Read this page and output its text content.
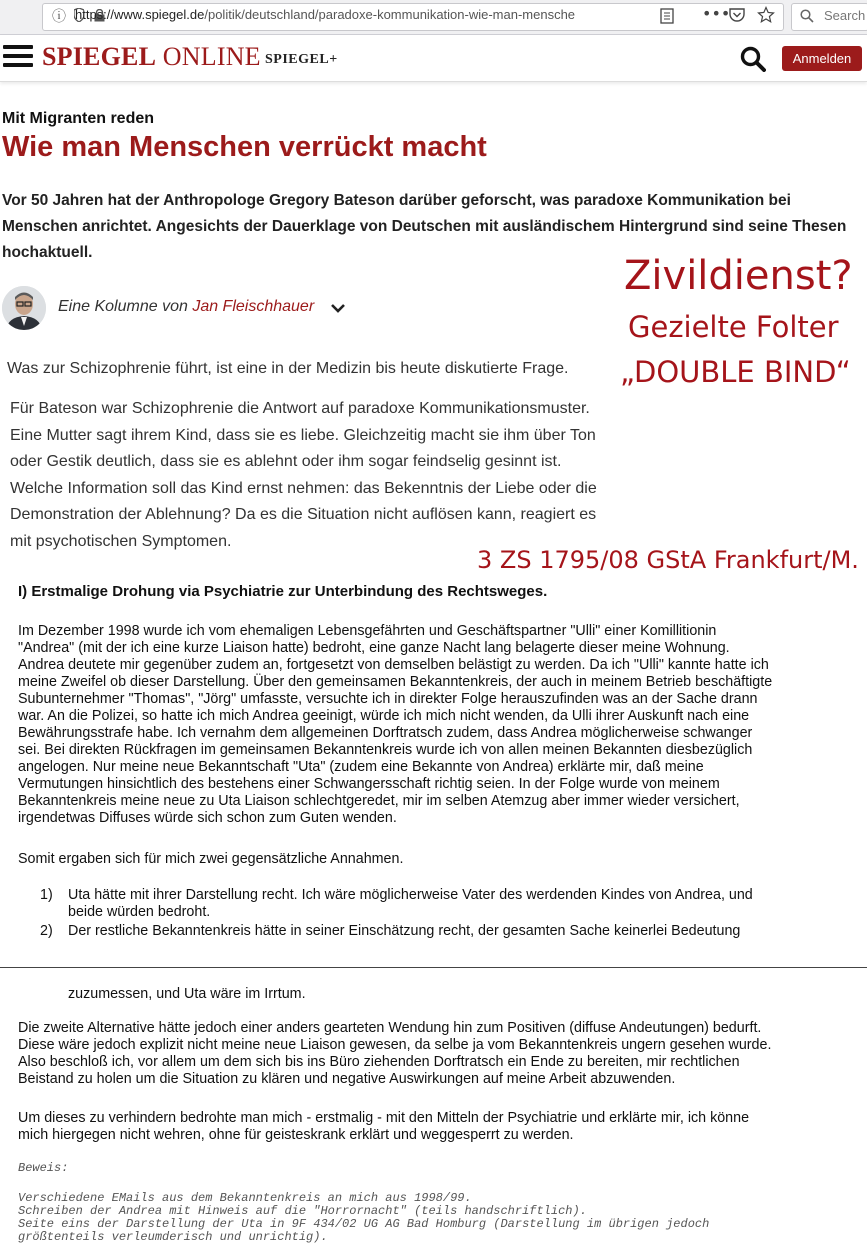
ⓘ https://www.spiegel.de/politik/deutschland/paradoxe-kommunikation-wie-man-mensche	•••	Search
SPIEGEL ONLINE SPIEGEL+	Anmelden
Mit Migranten reden
Wie man Menschen verrückt macht
Vor 50 Jahren hat der Anthropologe Gregory Bateson darüber geforscht, was paradoxe Kommunikation bei Menschen anrichtet. Angesichts der Dauerklage von Deutschen mit ausländischem Hintergrund sind seine Thesen hochaktuell.
Eine Kolumne von Jan Fleischhauer
Was zur Schizophrenie führt, ist eine in der Medizin bis heute diskutierte Frage.
Für Bateson war Schizophrenie die Antwort auf paradoxe Kommunikationsmuster.
Eine Mutter sagt ihrem Kind, dass sie es liebe. Gleichzeitig macht sie ihm über Ton
oder Gestik deutlich, dass sie es ablehnt oder ihm sogar feindselig gesinnt ist.
Welche Information soll das Kind ernst nehmen: das Bekenntnis der Liebe oder die
Demonstration der Ablehnung? Da es die Situation nicht auflösen kann, reagiert es
mit psychotischen Symptomen.
Zivildienst?
Gezielte Folter
„DOUBLE BIND“
3 ZS 1795/08 GStA Frankfurt/M.
I) Erstmalige Drohung via Psychiatrie zur Unterbindung des Rechtsweges.
Im Dezember 1998 wurde ich vom ehemaligen Lebensgefährten und Geschäftspartner "Ulli" einer Komillitionin
"Andrea" (mit der ich eine kurze Liaison hatte) bedroht, eine ganze Nacht lang belagerte dieser meine Wohnung.
Andrea deutete mir gegenüber zudem an, fortgesetzt von demselben belästigt zu werden. Da ich "Ulli" kannte hatte ich
meine Zweifel ob dieser Darstellung. Über den gemeinsamen Bekanntenkreis, der auch in meinem Betrieb beschäftigte
Subunternehmer "Thomas", "Jörg" umfasste, versuchte ich in direkter Folge herauszufinden was an der Sache drann
war. An die Polizei, so hatte ich mich Andrea geeinigt, würde ich mich nicht wenden, da Ulli ihrer Auskunft nach eine
Bewährungsstrafe habe. Ich vernahm dem allgemeinen Dorftratsch zudem, dass Andrea möglicherweise schwanger
sei. Bei direkten Rückfragen im gemeinsamen Bekanntenkreis wurde ich von allen meinen Bekannten diesbezüglich
angelogen. Nur meine neue Bekanntschaft "Uta" (zudem eine Bekannte von Andrea) erklärte mir, daß meine
Vermutungen hinsichtlich des bestehens einer Schwangersschaft richtig seien. In der Folge wurde von meinem
Bekanntenkreis meine neue zu Uta Liaison schlechtgeredet, mir im selben Atemzug aber immer wieder versichert,
irgendetwas Diffuses würde sich schon zum Guten wenden.
Somit ergaben sich für mich zwei gegensätzliche Annahmen.
1) Uta hätte mit ihrer Darstellung recht. Ich wäre möglicherweise Vater des werdenden Kindes von Andrea, und
beide würden bedroht.
2) Der restliche Bekanntenkreis hätte in seiner Einschätzung recht, der gesamten Sache keinerlei Bedeutung
zuzumessen, und Uta wäre im Irrtum.
Die zweite Alternative hätte jedoch einer anders gearteten Wendung hin zum Positiven (diffuse Andeutungen) bedurft.
Diese wäre jedoch explizit nicht meine neue Liaison gewesen, da selbe ja vom Bekanntenkreis ungern gesehen wurde.
Also beschloß ich, vor allem um dem sich bis ins Büro ziehenden Dorftratsch ein Ende zu bereiten, mir rechtlichen
Beistand zu holen um die Situation zu klären und negative Auswirkungen auf meine Arbeit abzuwenden.
Um dieses zu verhindern bedrohte man mich - erstmalig - mit den Mitteln der Psychiatrie und erklärte mir, ich könne
mich hiergegen nicht wehren, ohne für geisteskrank erklärt und weggesperrt zu werden.
Beweis:
Verschiedene EMails aus dem Bekanntenkreis an mich aus 1998/99.
Schreiben der Andrea mit Hinweis auf die "Horrornacht" (teils handschriftlich).
Seite eins der Darstellung der Uta in 9F 434/02 UG AG Bad Homburg (Darstellung im übrigen jedoch
größtenteils verleumderisch und unrichtig).
